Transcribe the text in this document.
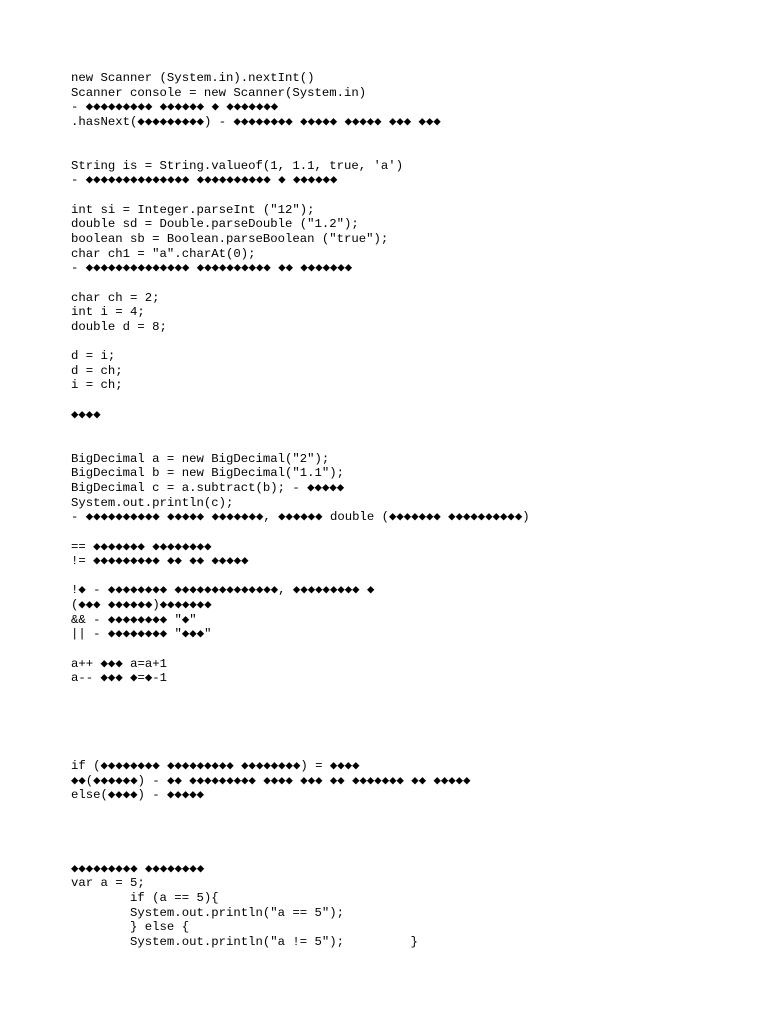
new Scanner (System.in).nextInt()
Scanner console = new Scanner(System.in)
- ◆◆◆◆◆◆◆◆◆ ◆◆◆◆◆◆ ◆ ◆◆◆◆◆◆◆
.hasNext(◆◆◆◆◆◆◆◆◆) - ◆◆◆◆◆◆◆◆ ◆◆◆◆◆ ◆◆◆◆◆ ◆◆◆ ◆◆◆
String is = String.valueof(1, 1.1, true, 'a')
- ◆◆◆◆◆◆◆◆◆◆◆◆◆◆ ◆◆◆◆◆◆◆◆◆◆ ◆ ◆◆◆◆◆◆
int si = Integer.parseInt ("12");
double sd = Double.parseDouble ("1.2");
boolean sb = Boolean.parseBoolean ("true");
char ch1 = "a".charAt(0);
- ◆◆◆◆◆◆◆◆◆◆◆◆◆◆ ◆◆◆◆◆◆◆◆◆◆ ◆◆ ◆◆◆◆◆◆◆
char ch = 2;
int i = 4;
double d = 8;
d = i;
d = ch;
i = ch;
◆◆◆◆
BigDecimal a = new BigDecimal("2");
BigDecimal b = new BigDecimal("1.1");
BigDecimal c = a.subtract(b); - ◆◆◆◆◆
System.out.println(c);
- ◆◆◆◆◆◆◆◆◆◆ ◆◆◆◆◆ ◆◆◆◆◆◆◆, ◆◆◆◆◆◆ double (◆◆◆◆◆◆◆ ◆◆◆◆◆◆◆◆◆◆)
== ◆◆◆◆◆◆◆ ◆◆◆◆◆◆◆◆
!= ◆◆◆◆◆◆◆◆◆ ◆◆ ◆◆ ◆◆◆◆◆
!◆ - ◆◆◆◆◆◆◆◆ ◆◆◆◆◆◆◆◆◆◆◆◆◆◆, ◆◆◆◆◆◆◆◆◆ ◆
(◆◆◆ ◆◆◆◆◆◆)◆◆◆◆◆◆◆
&& - ◆◆◆◆◆◆◆◆ "◆"
|| - ◆◆◆◆◆◆◆◆ "◆◆◆"
a++ ◆◆◆ a=a+1
a-- ◆◆◆ ◆=◆-1
if (◆◆◆◆◆◆◆◆ ◆◆◆◆◆◆◆◆◆ ◆◆◆◆◆◆◆◆) = ◆◆◆◆
◆◆(◆◆◆◆◆◆) - ◆◆ ◆◆◆◆◆◆◆◆◆ ◆◆◆◆ ◆◆◆ ◆◆ ◆◆◆◆◆◆◆ ◆◆ ◆◆◆◆◆
else(◆◆◆◆) - ◆◆◆◆◆
◆◆◆◆◆◆◆◆◆ ◆◆◆◆◆◆◆◆
var a = 5;
if (a == 5){
System.out.println("a == 5");
} else {
System.out.println("a != 5");         }
